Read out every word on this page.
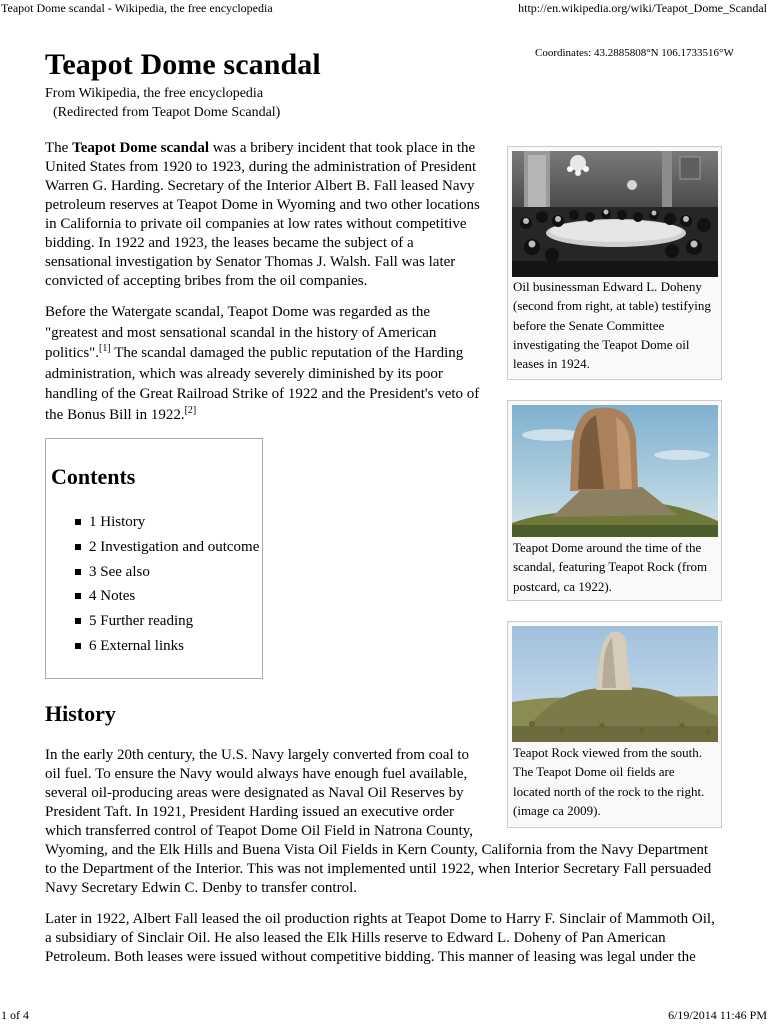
Teapot Dome scandal - Wikipedia, the free encyclopedia	http://en.wikipedia.org/wiki/Teapot_Dome_Scandal
Coordinates: 43.2885808°N 106.1733516°W
Teapot Dome scandal
From Wikipedia, the free encyclopedia
(Redirected from Teapot Dome Scandal)
The Teapot Dome scandal was a bribery incident that took place in the
United States from 1920 to 1923, during the administration of President
Warren G. Harding. Secretary of the Interior Albert B. Fall leased Navy
petroleum reserves at Teapot Dome in Wyoming and two other locations
in California to private oil companies at low rates without competitive
bidding. In 1922 and 1923, the leases became the subject of a
sensational investigation by Senator Thomas J. Walsh. Fall was later
convicted of accepting bribes from the oil companies.
Before the Watergate scandal, Teapot Dome was regarded as the
"greatest and most sensational scandal in the history of American
politics".[1] The scandal damaged the public reputation of the Harding
administration, which was already severely diminished by its poor
handling of the Great Railroad Strike of 1922 and the President's veto of
the Bonus Bill in 1922.[2]
Contents
1 History
2 Investigation and outcome
3 See also
4 Notes
5 Further reading
6 External links
History
In the early 20th century, the U.S. Navy largely converted from coal to
oil fuel. To ensure the Navy would always have enough fuel available,
several oil-producing areas were designated as Naval Oil Reserves by
President Taft. In 1921, President Harding issued an executive order
which transferred control of Teapot Dome Oil Field in Natrona County,
Wyoming, and the Elk Hills and Buena Vista Oil Fields in Kern County, California from the Navy Department
to the Department of the Interior. This was not implemented until 1922, when Interior Secretary Fall persuaded
Navy Secretary Edwin C. Denby to transfer control.
Later in 1922, Albert Fall leased the oil production rights at Teapot Dome to Harry F. Sinclair of Mammoth Oil,
a subsidiary of Sinclair Oil. He also leased the Elk Hills reserve to Edward L. Doheny of Pan American
Petroleum. Both leases were issued without competitive bidding. This manner of leasing was legal under the
Oil businessman Edward L. Doheny
(second from right, at table) testifying
before the Senate Committee
investigating the Teapot Dome oil
leases in 1924.
Teapot Dome around the time of the
scandal, featuring Teapot Rock (from
postcard, ca 1922).
Teapot Rock viewed from the south.
The Teapot Dome oil fields are
located north of the rock to the right.
(image ca 2009).
1 of 4	6/19/2014 11:46 PM
